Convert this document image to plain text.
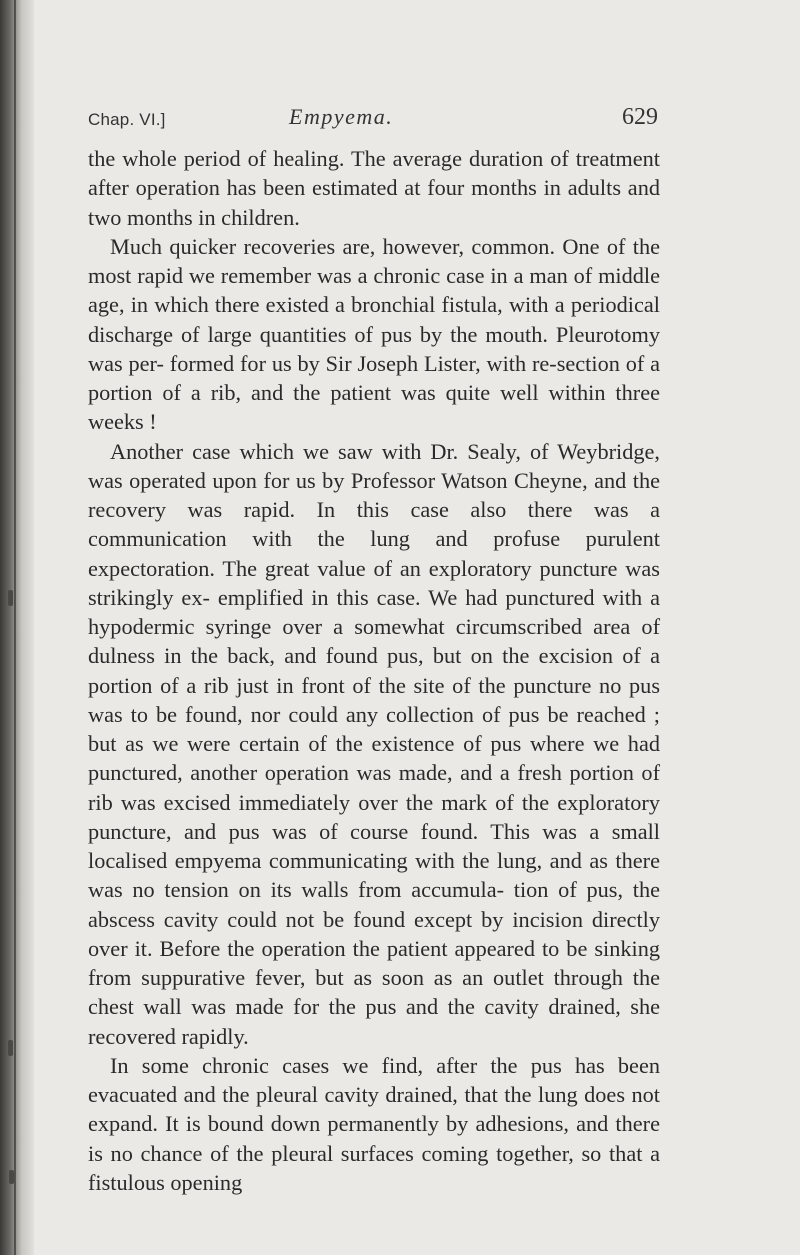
Chap. VI.]	Empyema.	629

the whole period of healing. The average duration of treatment after operation has been estimated at four months in adults and two months in children.

Much quicker recoveries are, however, common. One of the most rapid we remember was a chronic case in a man of middle age, in which there existed a bronchial fistula, with a periodical discharge of large quantities of pus by the mouth. Pleurotomy was per- formed for us by Sir Joseph Lister, with re-section of a portion of a rib, and the patient was quite well within three weeks !

Another case which we saw with Dr. Sealy, of Weybridge, was operated upon for us by Professor Watson Cheyne, and the recovery was rapid. In this case also there was a communication with the lung and profuse purulent expectoration. The great value of an exploratory puncture was strikingly ex- emplified in this case. We had punctured with a hypodermic syringe over a somewhat circumscribed area of dulness in the back, and found pus, but on the excision of a portion of a rib just in front of the site of the puncture no pus was to be found, nor could any collection of pus be reached ; but as we were certain of the existence of pus where we had punctured, another operation was made, and a fresh portion of rib was excised immediately over the mark of the exploratory puncture, and pus was of course found. This was a small localised empyema communicating with the lung, and as there was no tension on its walls from accumula- tion of pus, the abscess cavity could not be found except by incision directly over it. Before the operation the patient appeared to be sinking from suppurative fever, but as soon as an outlet through the chest wall was made for the pus and the cavity drained, she recovered rapidly.

In some chronic cases we find, after the pus has been evacuated and the pleural cavity drained, that the lung does not expand. It is bound down permanently by adhesions, and there is no chance of the pleural surfaces coming together, so that a fistulous opening
